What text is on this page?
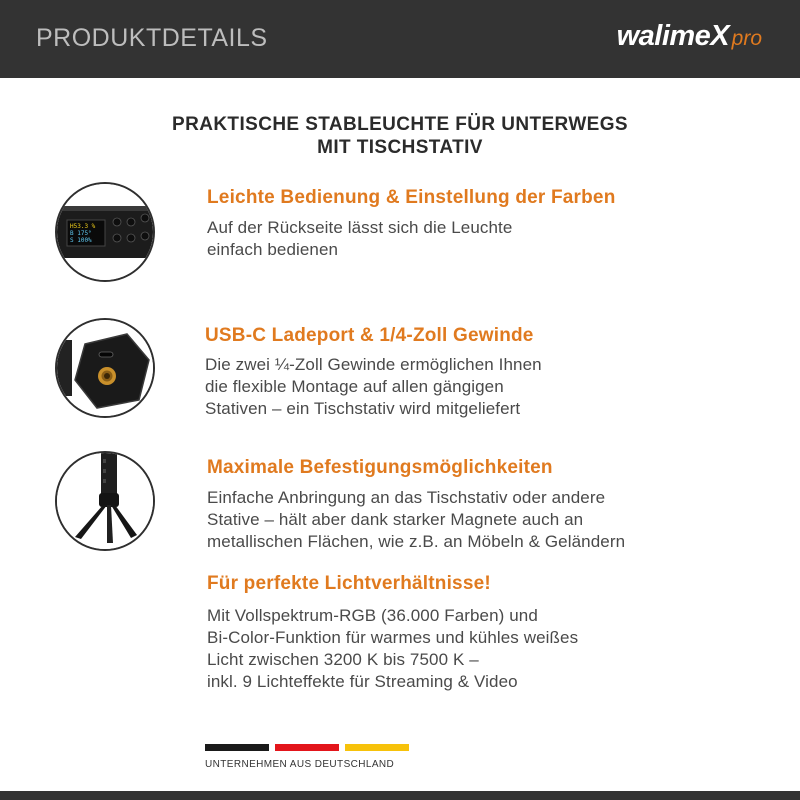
PRODUKTDETAILS	walimeXpro
PRAKTISCHE STABLEUCHTE FÜR UNTERWEGS
MIT TISCHSTATIV
H53.3 %
B 175°
S 100%
Leichte Bedienung & Einstellung der Farben
Auf der Rückseite lässt sich die Leuchte
einfach bedienen
USB-C Ladeport & 1/4-Zoll Gewinde
Die zwei ¼-Zoll Gewinde ermöglichen Ihnen
die flexible Montage auf allen gängigen
Stativen – ein Tischstativ wird mitgeliefert
Maximale Befestigungsmöglichkeiten
Einfache Anbringung an das Tischstativ oder andere
Stative – hält aber dank starker Magnete auch an
metallischen Flächen, wie z.B. an Möbeln & Geländern
Für perfekte Lichtverhältnisse!
Mit Vollspektrum-RGB (36.000 Farben) und
Bi-Color-Funktion für warmes und kühles weißes
Licht zwischen 3200 K bis 7500 K –
inkl. 9 Lichteffekte für Streaming & Video
UNTERNEHMEN AUS DEUTSCHLAND
